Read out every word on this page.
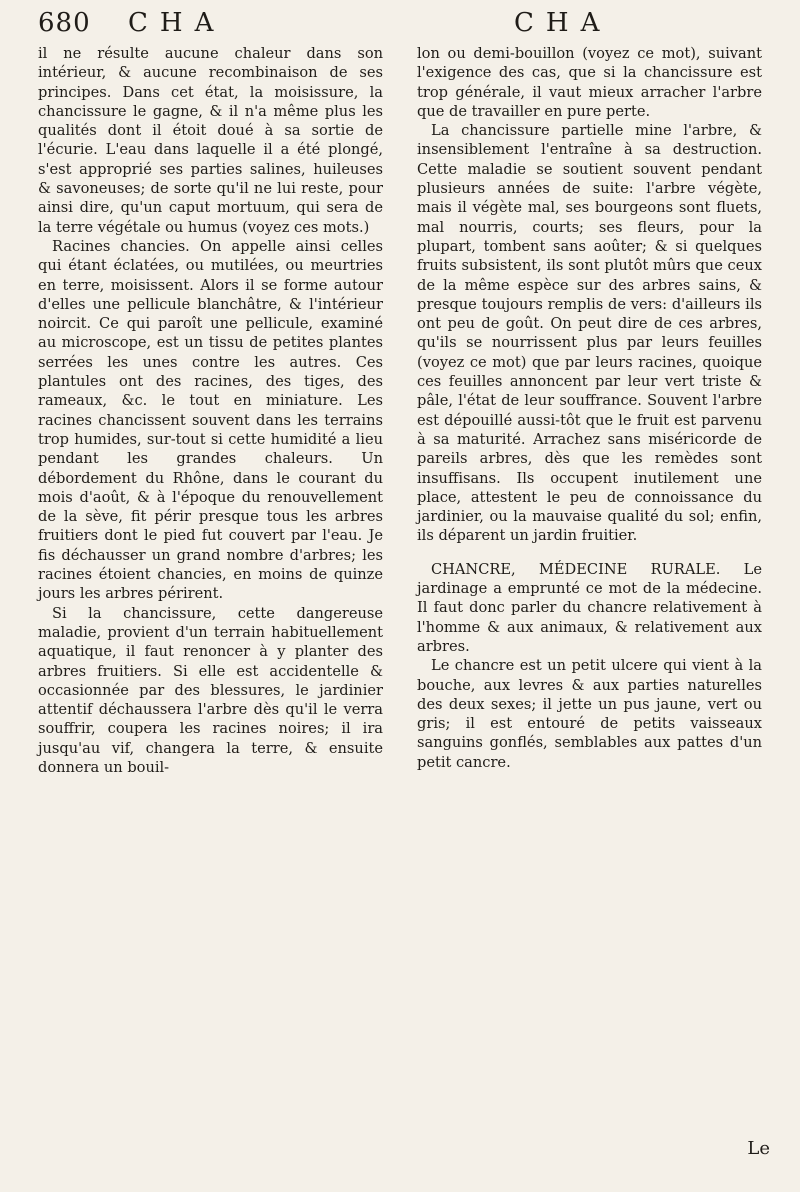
680 CHA	CHA

il ne résulte aucune chaleur dans son intérieur, & aucune recombinaison de ses principes. Dans cet état, la moisissure, la chancissure le gagne, & il n'a même plus les qualités dont il étoit doué à sa sortie de l'écurie. L'eau dans laquelle il a été plongé, s'est approprié ses parties salines, huileuses & savoneuses; de sorte qu'il ne lui reste, pour ainsi dire, qu'un caput mortuum, qui sera de la terre végétale ou humus (voyez ces mots.)

Racines chancies. On appelle ainsi celles qui étant éclatées, ou mutilées, ou meurtries en terre, moisissent. Alors il se forme autour d'elles une pellicule blanchâtre, & l'intérieur noircit. Ce qui paroît une pellicule, examiné au microscope, est un tissu de petites plantes serrées les unes contre les autres. Ces plantules ont des racines, des tiges, des rameaux, &c. le tout en miniature. Les racines chancissent souvent dans les terrains trop humides, sur-tout si cette humidité a lieu pendant les grandes chaleurs. Un débordement du Rhône, dans le courant du mois d'août, & à l'époque du renouvellement de la sève, fit périr presque tous les arbres fruitiers dont le pied fut couvert par l'eau. Je fis déchausser un grand nombre d'arbres; les racines étoient chancies, en moins de quinze jours les arbres périrent.

Si la chancissure, cette dangereuse maladie, provient d'un terrain habituellement aquatique, il faut renoncer à y planter des arbres fruitiers. Si elle est accidentelle & occasionnée par des blessures, le jardinier attentif déchaussera l'arbre dès qu'il le verra souffrir, coupera les racines noires; il ira jusqu'au vif, changera la terre, & ensuite donnera un bouil-

lon ou demi-bouillon (voyez ce mot), suivant l'exigence des cas, que si la chancissure est trop générale, il vaut mieux arracher l'arbre que de travailler en pure perte.

La chancissure partielle mine l'arbre, & insensiblement l'entraîne à sa destruction. Cette maladie se soutient souvent pendant plusieurs années de suite: l'arbre végète, mais il végète mal, ses bourgeons sont fluets, mal nourris, courts; ses fleurs, pour la plupart, tombent sans aoûter; & si quelques fruits subsistent, ils sont plutôt mûrs que ceux de la même espèce sur des arbres sains, & presque toujours remplis de vers: d'ailleurs ils ont peu de goût. On peut dire de ces arbres, qu'ils se nourrissent plus par leurs feuilles (voyez ce mot) que par leurs racines, quoique ces feuilles annoncent par leur vert triste & pâle, l'état de leur souffrance. Souvent l'arbre est dépouillé aussi-tôt que le fruit est parvenu à sa maturité. Arrachez sans miséricorde de pareils arbres, dès que les remèdes sont insuffisans. Ils occupent inutilement une place, attestent le peu de connoissance du jardinier, ou la mauvaise qualité du sol; enfin, ils déparent un jardin fruitier.

CHANCRE, MÉDECINE RURALE. Le jardinage a emprunté ce mot de la médecine. Il faut donc parler du chancre relativement à l'homme & aux animaux, & relativement aux arbres.

Le chancre est un petit ulcere qui vient à la bouche, aux levres & aux parties naturelles des deux sexes; il jette un pus jaune, vert ou gris; il est entouré de petits vaisseaux sanguins gonflés, semblables aux pattes d'un petit cancre.

Le
